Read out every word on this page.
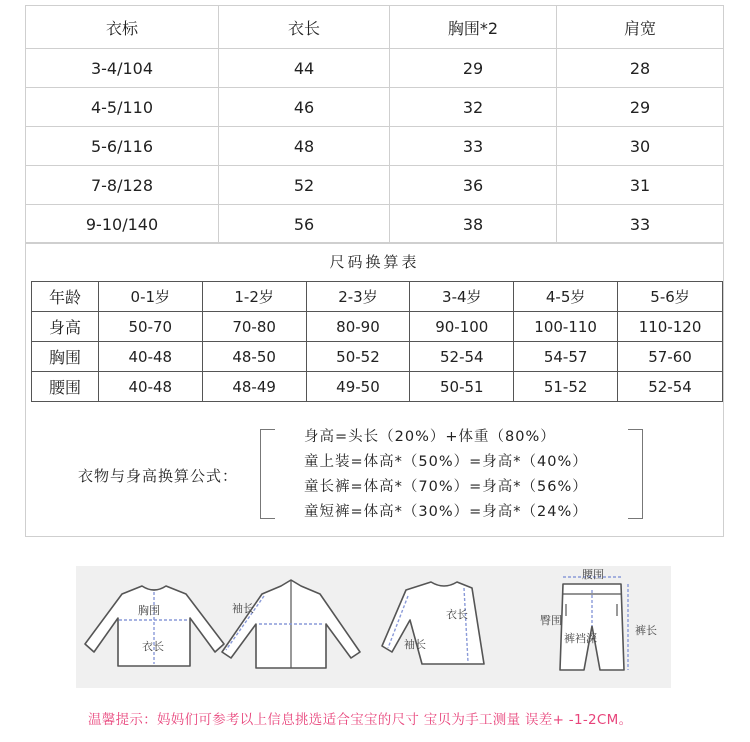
衣标	衣长	胸围*2	肩宽
3-4/104	44	29	28
4-5/110	46	32	29
5-6/116	48	33	30
7-8/128	52	36	31
9-10/140	56	38	33
尺码换算表
年龄	0-1岁	1-2岁	2-3岁	3-4岁	4-5岁	5-6岁
身高	50-70	70-80	80-90	90-100	100-110	110-120
胸围	40-48	48-50	50-52	52-54	54-57	57-60
腰围	40-48	48-49	49-50	50-51	51-52	52-54
衣物与身高换算公式：
身高=头长（20%）+体重（80%）
童上装=体高*（50%）=身高*（40%）
童长裤=体高*（70%）=身高*（56%）
童短裤=体高*（30%）=身高*（24%）
胸围
衣长
袖长	衣长
袖长
腰围
臀围
裤裆深
裤长
温馨提示：妈妈们可参考以上信息挑选适合宝宝的尺寸 宝贝为手工测量 误差+ -1-2CM。
